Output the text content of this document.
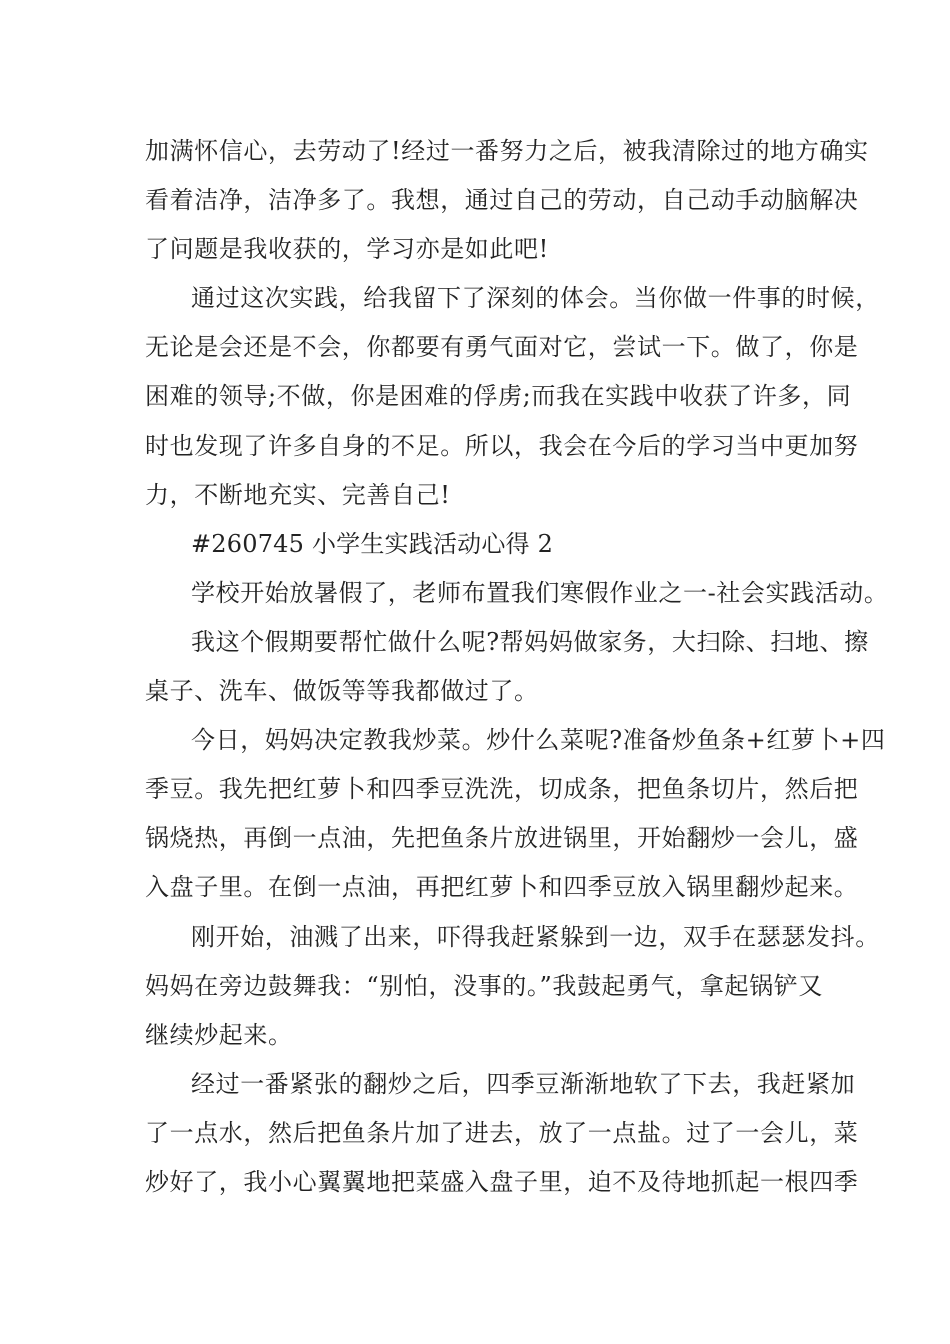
加满怀信心，去劳动了!经过一番努力之后，被我清除过的地方确实
看着洁净，洁净多了。我想，通过自己的劳动，自己动手动脑解决
了问题是我收获的，学习亦是如此吧!
通过这次实践，给我留下了深刻的体会。当你做一件事的时候，
无论是会还是不会，你都要有勇气面对它，尝试一下。做了，你是
困难的领导;不做，你是困难的俘虏;而我在实践中收获了许多，同
时也发现了许多自身的不足。所以，我会在今后的学习当中更加努
力，不断地充实、完善自己!
#260745 小学生实践活动心得 2
学校开始放暑假了，老师布置我们寒假作业之一-社会实践活动。
我这个假期要帮忙做什么呢?帮妈妈做家务，大扫除、扫地、擦
桌子、洗车、做饭等等我都做过了。
今日，妈妈决定教我炒菜。炒什么菜呢?准备炒鱼条+红萝卜+四
季豆。我先把红萝卜和四季豆洗洗，切成条，把鱼条切片，然后把
锅烧热，再倒一点油，先把鱼条片放进锅里，开始翻炒一会儿，盛
入盘子里。在倒一点油，再把红萝卜和四季豆放入锅里翻炒起来。
刚开始，油溅了出来，吓得我赶紧躲到一边，双手在瑟瑟发抖。
妈妈在旁边鼓舞我：“别怕，没事的。”我鼓起勇气，拿起锅铲又
继续炒起来。
经过一番紧张的翻炒之后，四季豆渐渐地软了下去，我赶紧加
了一点水，然后把鱼条片加了进去，放了一点盐。过了一会儿，菜
炒好了，我小心翼翼地把菜盛入盘子里，迫不及待地抓起一根四季
